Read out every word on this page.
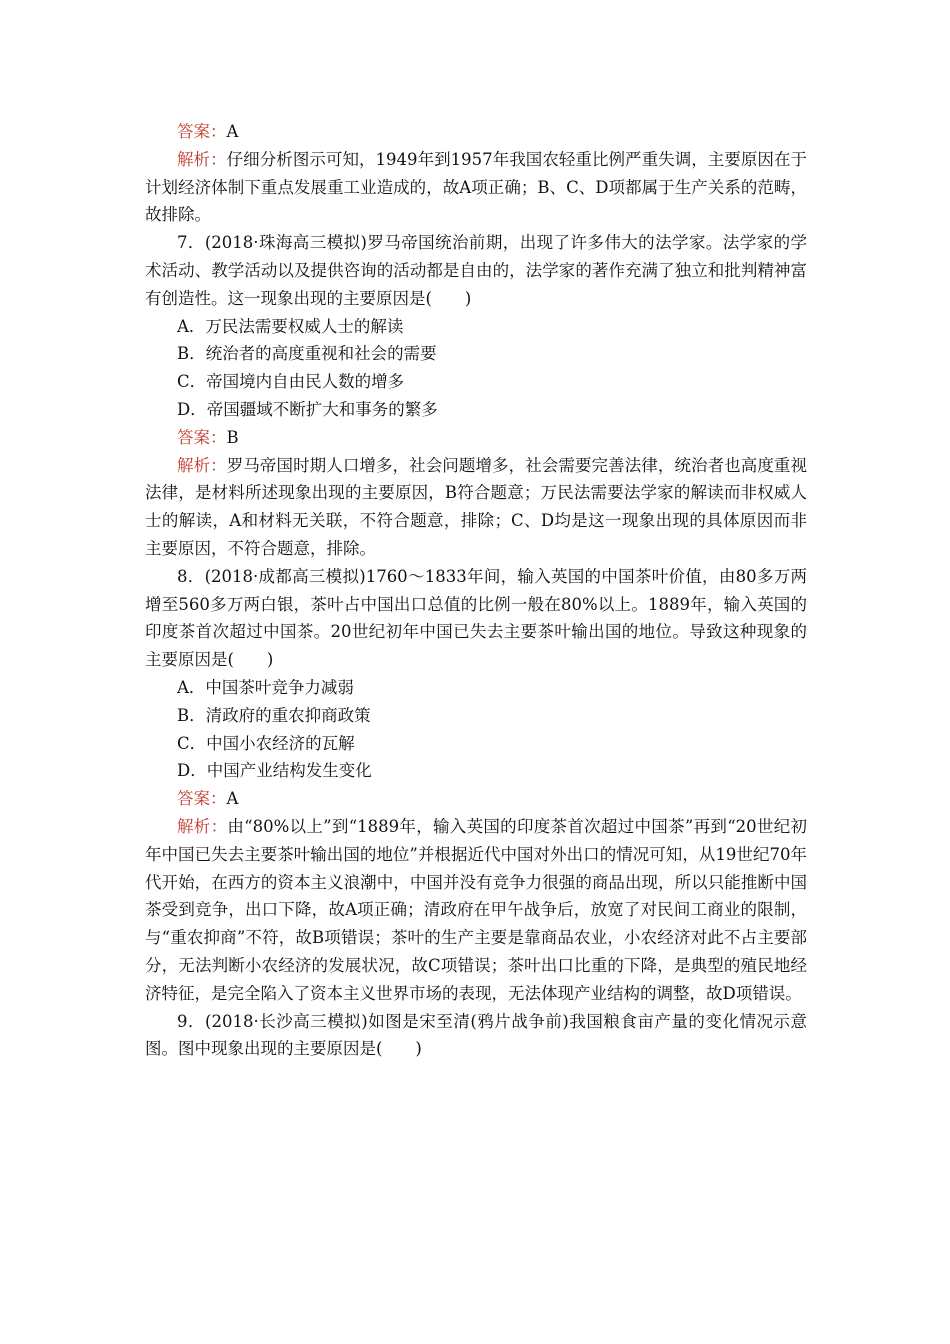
答案：A

解析：仔细分析图示可知，1949年到1957年我国农轻重比例严重失调，主要原因在于计划经济体制下重点发展重工业造成的，故A项正确；B、C、D项都属于生产关系的范畴，故排除。

7．(2018·珠海高三模拟)罗马帝国统治前期，出现了许多伟大的法学家。法学家的学术活动、教学活动以及提供咨询的活动都是自由的，法学家的著作充满了独立和批判精神富有创造性。这一现象出现的主要原因是(　　)

A．万民法需要权威人士的解读

B．统治者的高度重视和社会的需要

C．帝国境内自由民人数的增多

D．帝国疆域不断扩大和事务的繁多

答案：B

解析：罗马帝国时期人口增多，社会问题增多，社会需要完善法律，统治者也高度重视法律，是材料所述现象出现的主要原因，B符合题意；万民法需要法学家的解读而非权威人士的解读，A和材料无关联，不符合题意，排除；C、D均是这一现象出现的具体原因而非主要原因，不符合题意，排除。

8．(2018·成都高三模拟)1760～1833年间，输入英国的中国茶叶价值，由80多万两增至560多万两白银，茶叶占中国出口总值的比例一般在80%以上。1889年，输入英国的印度茶首次超过中国茶。20世纪初年中国已失去主要茶叶输出国的地位。导致这种现象的主要原因是(　　)

A．中国茶叶竞争力减弱

B．清政府的重农抑商政策

C．中国小农经济的瓦解

D．中国产业结构发生变化

答案：A

解析：由“80%以上”到“1889年，输入英国的印度茶首次超过中国茶”再到“20世纪初年中国已失去主要茶叶输出国的地位”并根据近代中国对外出口的情况可知，从19世纪70年代开始，在西方的资本主义浪潮中，中国并没有竞争力很强的商品出现，所以只能推断中国茶受到竞争，出口下降，故A项正确；清政府在甲午战争后，放宽了对民间工商业的限制，与“重农抑商”不符，故B项错误；茶叶的生产主要是靠商品农业，小农经济对此不占主要部分，无法判断小农经济的发展状况，故C项错误；茶叶出口比重的下降，是典型的殖民地经济特征，是完全陷入了资本主义世界市场的表现，无法体现产业结构的调整，故D项错误。

9．(2018·长沙高三模拟)如图是宋至清(鸦片战争前)我国粮食亩产量的变化情况示意图。图中现象出现的主要原因是(　　)
